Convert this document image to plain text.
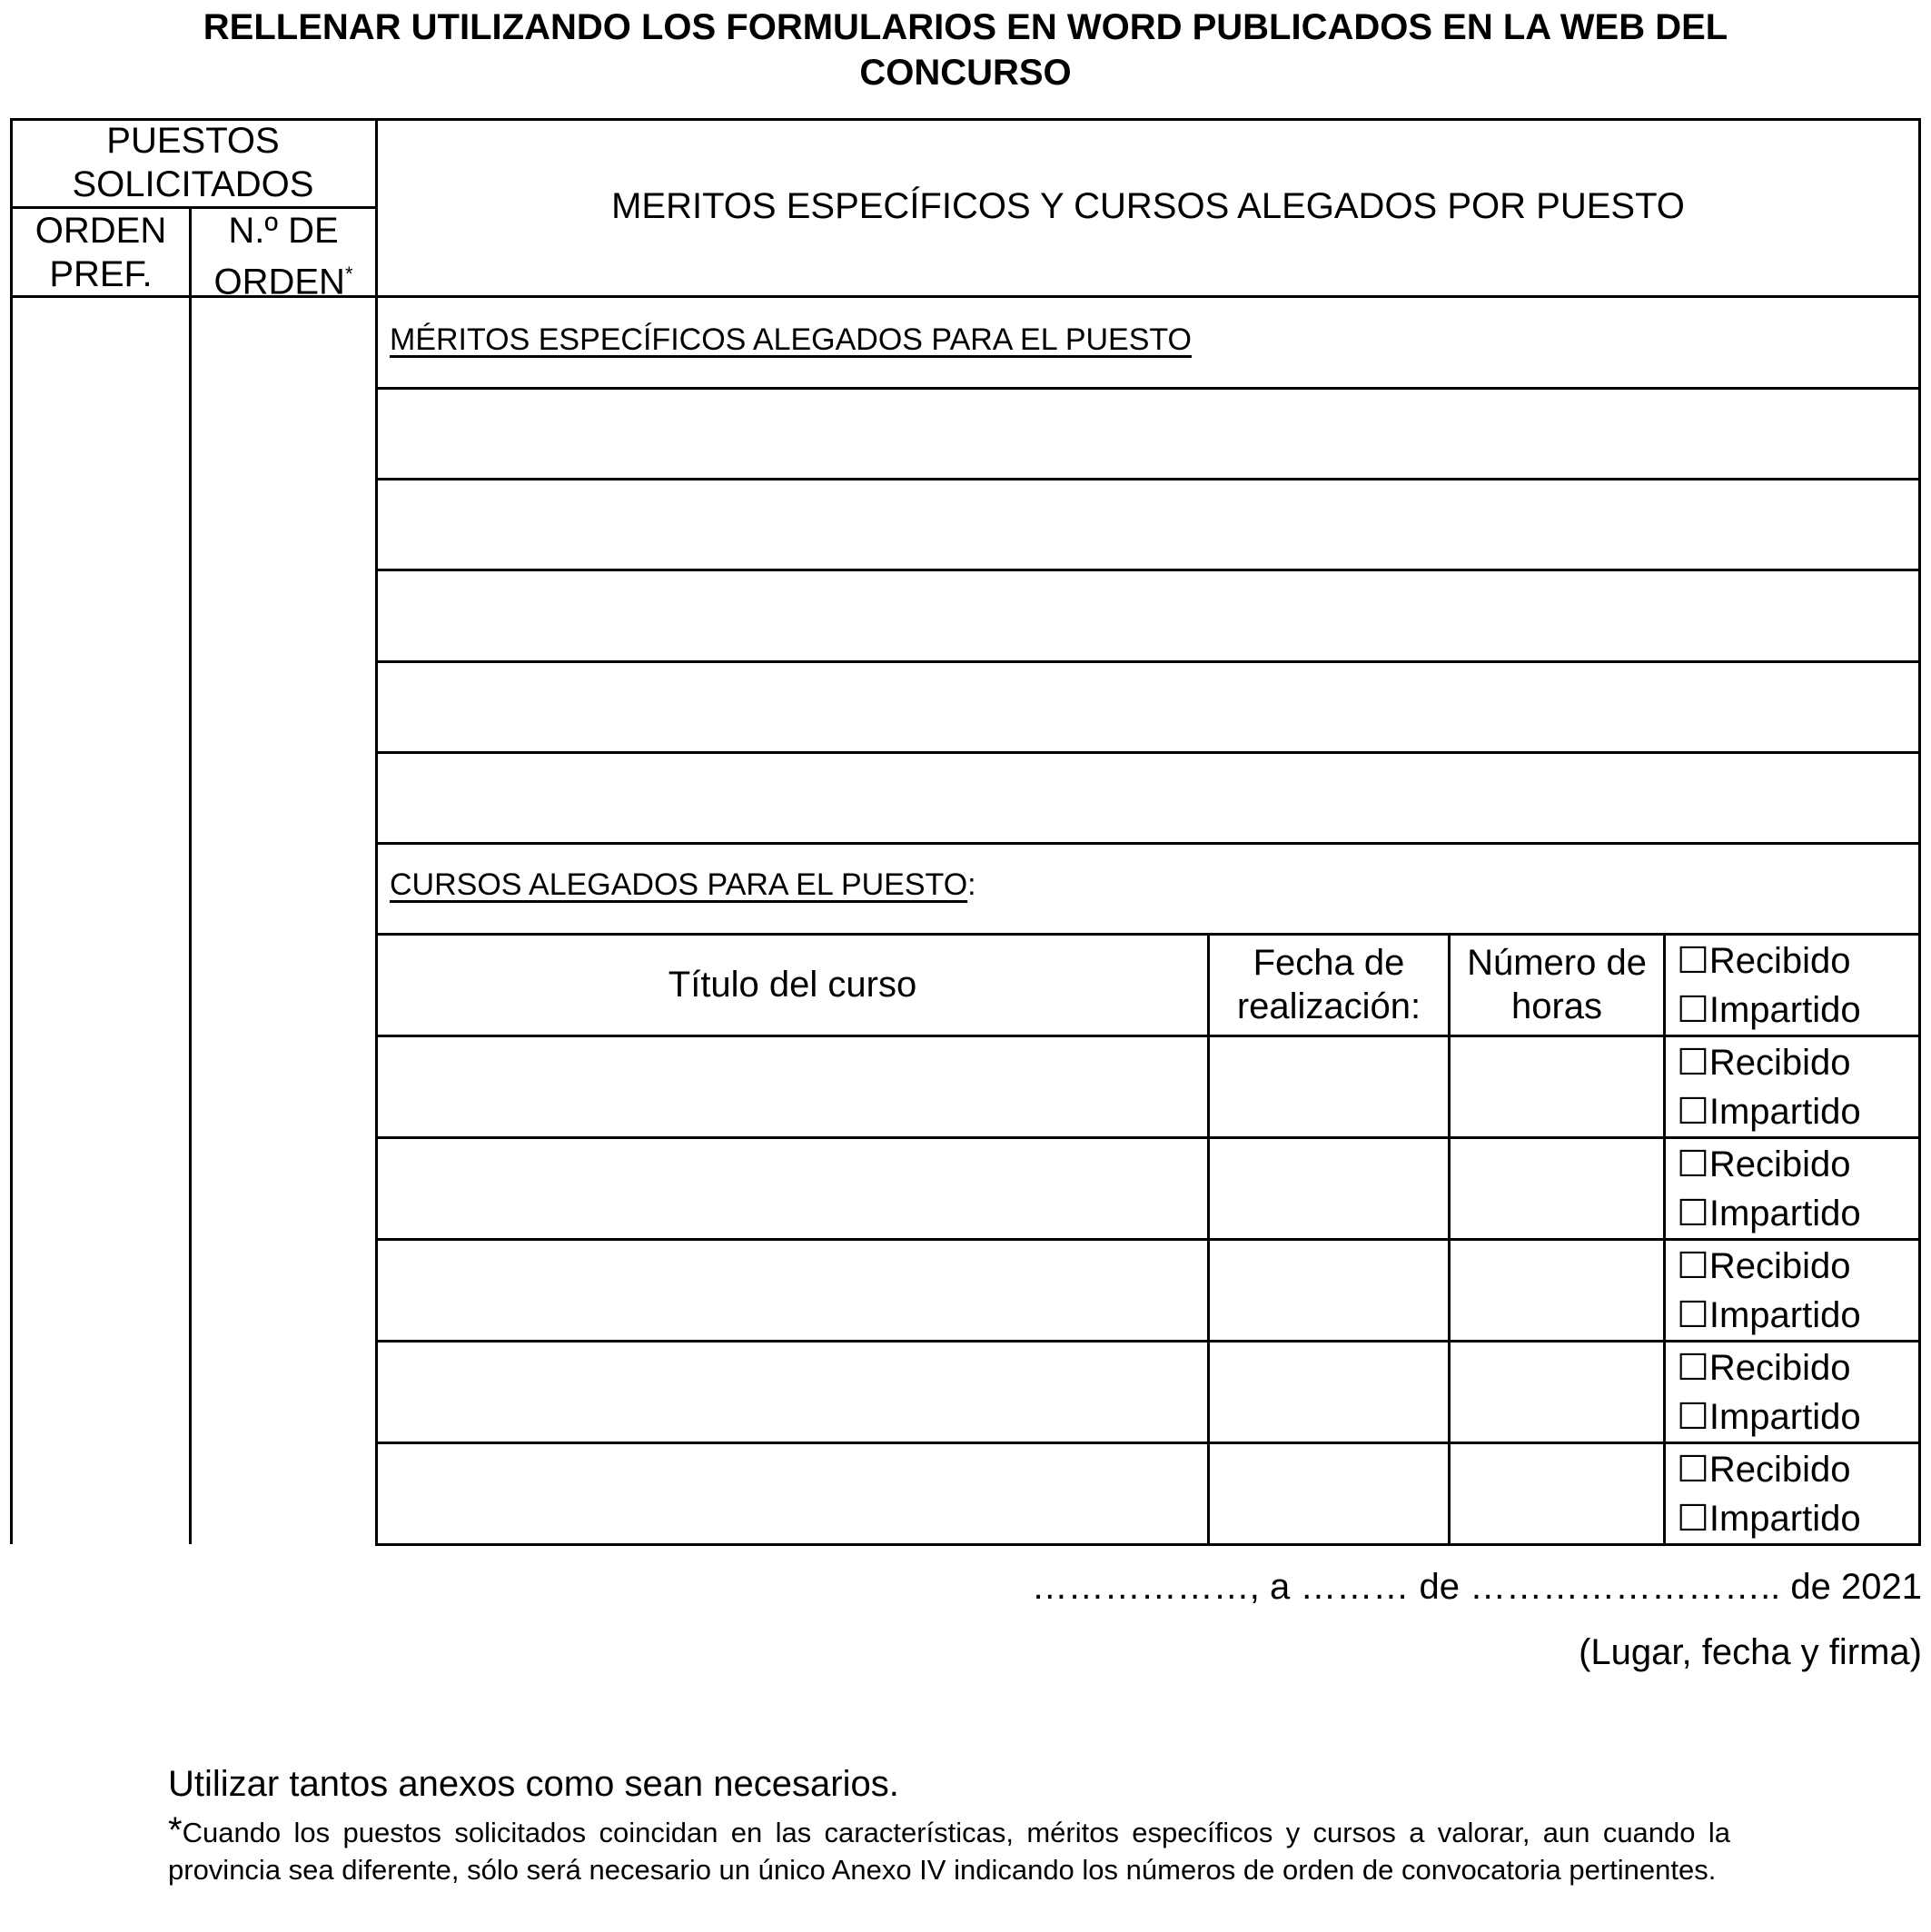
RELLENAR UTILIZANDO LOS FORMULARIOS EN WORD PUBLICADOS EN LA WEB DEL
CONCURSO
PUESTOS
SOLICITADOS
ORDEN
PREF.
N.º DE
ORDEN*
MERITOS ESPECÍFICOS Y CURSOS ALEGADOS POR PUESTO
MÉRITOS ESPECÍFICOS ALEGADOS PARA EL PUESTO
CURSOS ALEGADOS PARA EL PUESTO:
Título del curso
Fecha de
realización:
Número de
horas
☐Recibido
☐Impartido
☐Recibido
☐Impartido
☐Recibido
☐Impartido
☐Recibido
☐Impartido
☐Recibido
☐Impartido
☐Recibido
☐Impartido
………………, a ……… de …………………….. de 2021
(Lugar, fecha y firma)
Utilizar tantos anexos como sean necesarios.
*Cuando los puestos solicitados coincidan en las características, méritos específicos y cursos a valorar, aun cuando la provincia sea diferente, sólo será necesario un único Anexo IV indicando los números de orden de convocatoria pertinentes.
